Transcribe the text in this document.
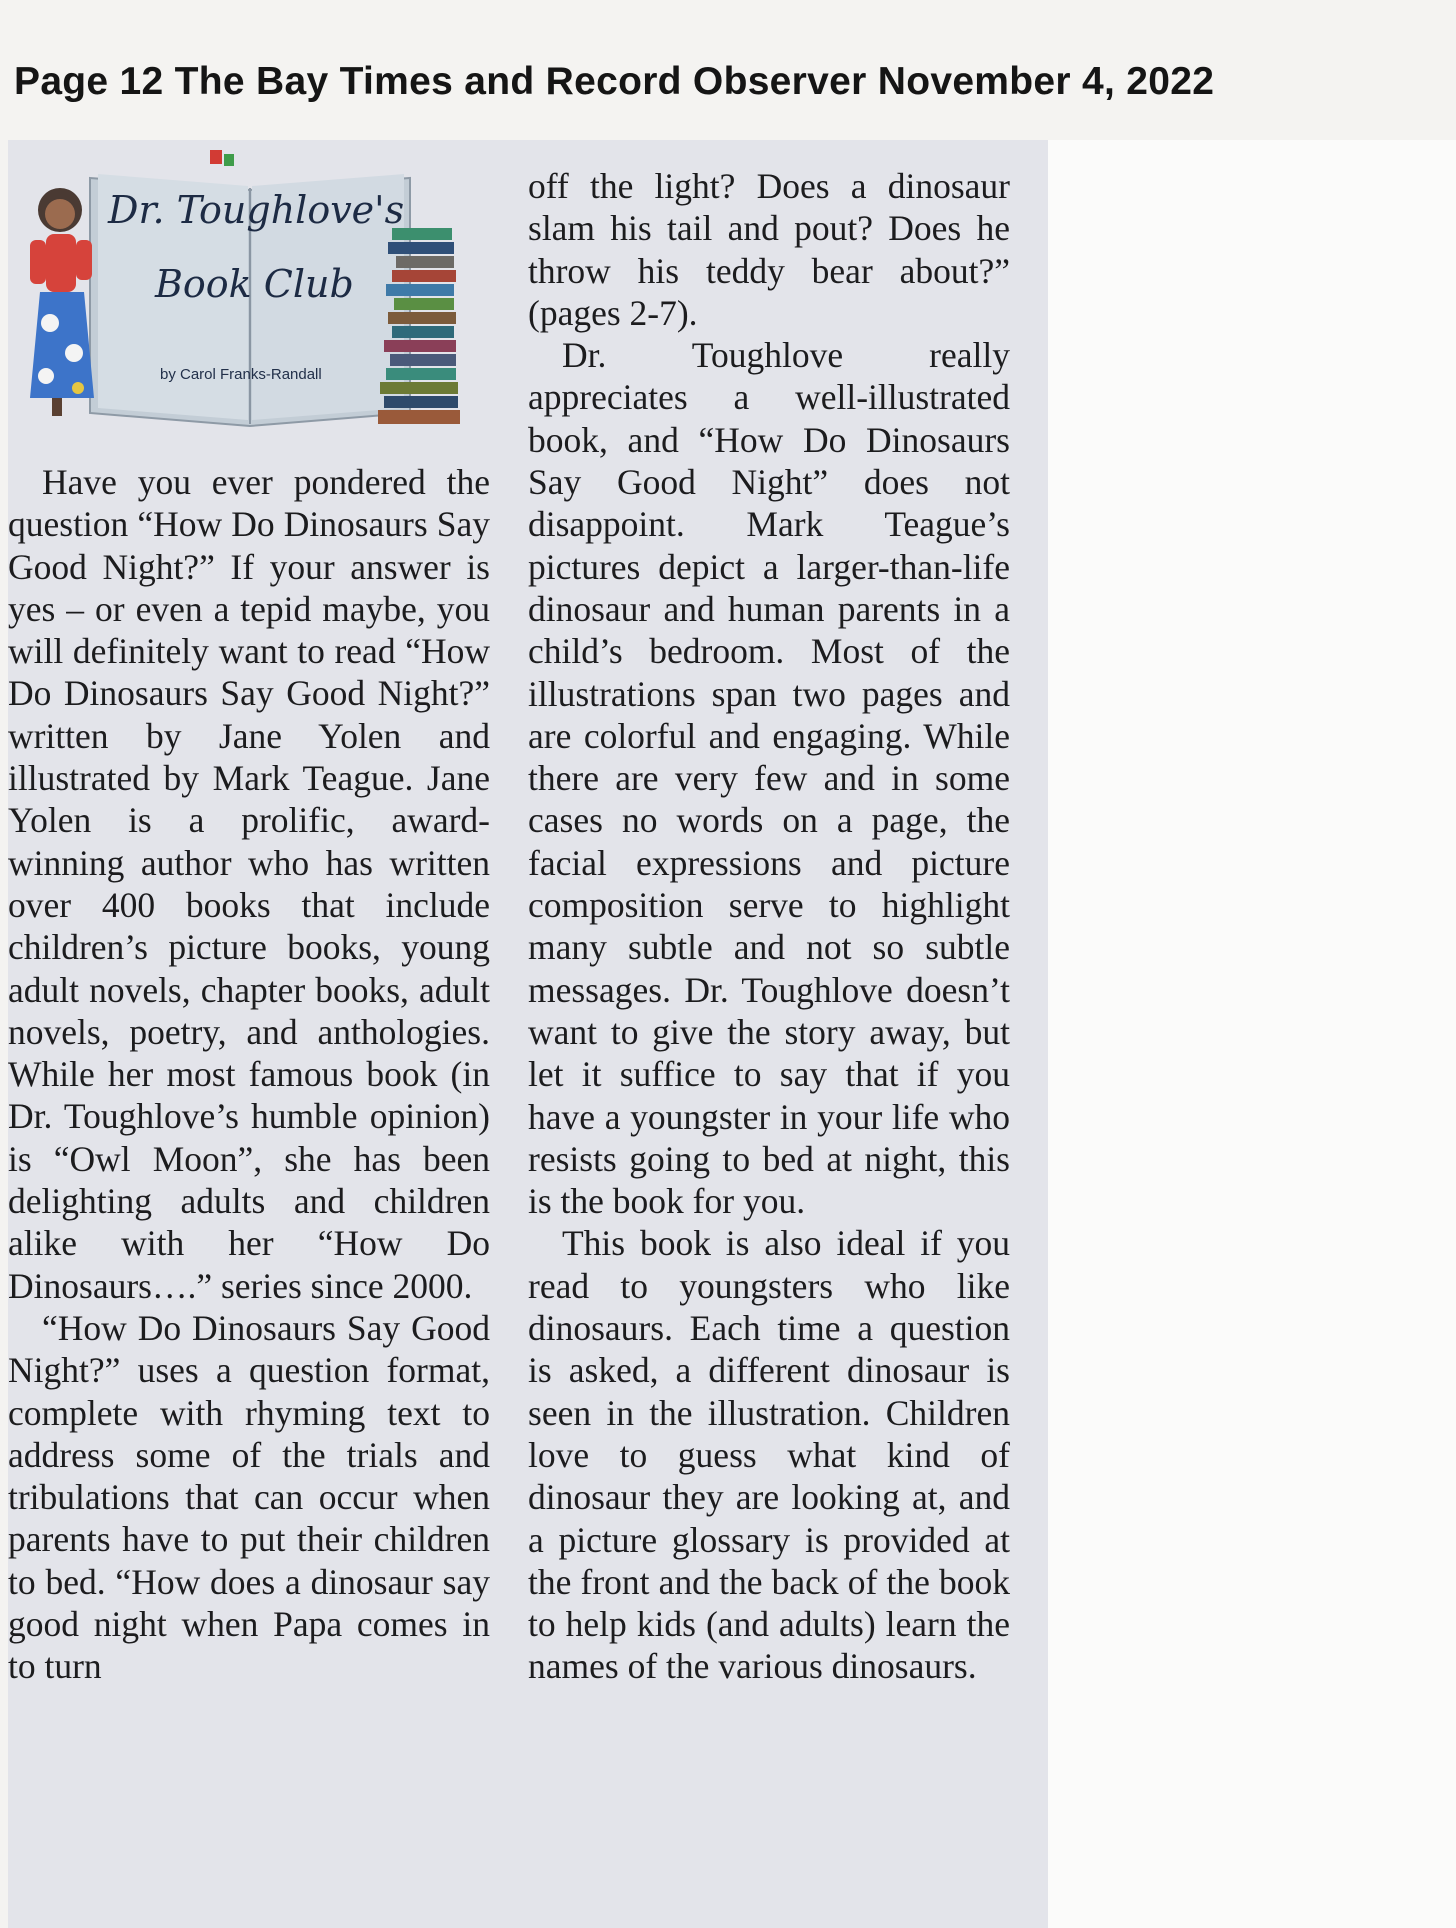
Page 12 The Bay Times and Record Observer November 4, 2022
Dr. Toughlove's
Book Club
by Carol Franks-Randall

Have you ever pondered the question “How Do Dinosaurs Say Good Night?” If your answer is yes – or even a tepid maybe, you will definitely want to read “How Do Dinosaurs Say Good Night?” written by Jane Yolen and illustrated by Mark Teague. Jane Yolen is a prolific, award-winning author who has written over 400 books that include children’s picture books, young adult novels, chapter books, adult novels, poetry, and anthologies. While her most famous book (in Dr. Toughlove’s humble opinion) is “Owl Moon”, she has been delighting adults and children alike with her “How Do Dinosaurs….” series since 2000.

“How Do Dinosaurs Say Good Night?” uses a question format, complete with rhyming text to address some of the trials and tribulations that can occur when parents have to put their children to bed. “How does a dinosaur say good night when Papa comes in to turn

off the light? Does a dinosaur slam his tail and pout? Does he throw his teddy bear about?” (pages 2-7).

Dr. Toughlove really appreciates a well-illustrated book, and “How Do Dinosaurs Say Good Night” does not disappoint. Mark Teague’s pictures depict a larger-than-life dinosaur and human parents in a child’s bedroom. Most of the illustrations span two pages and are colorful and engaging. While there are very few and in some cases no words on a page, the facial expressions and picture composition serve to highlight many subtle and not so subtle messages. Dr. Toughlove doesn’t want to give the story away, but let it suffice to say that if you have a youngster in your life who resists going to bed at night, this is the book for you.

This book is also ideal if you read to youngsters who like dinosaurs. Each time a question is asked, a different dinosaur is seen in the illustration. Children love to guess what kind of dinosaur they are looking at, and a picture glossary is provided at the front and the back of the book to help kids (and adults) learn the names of the various dinosaurs.
